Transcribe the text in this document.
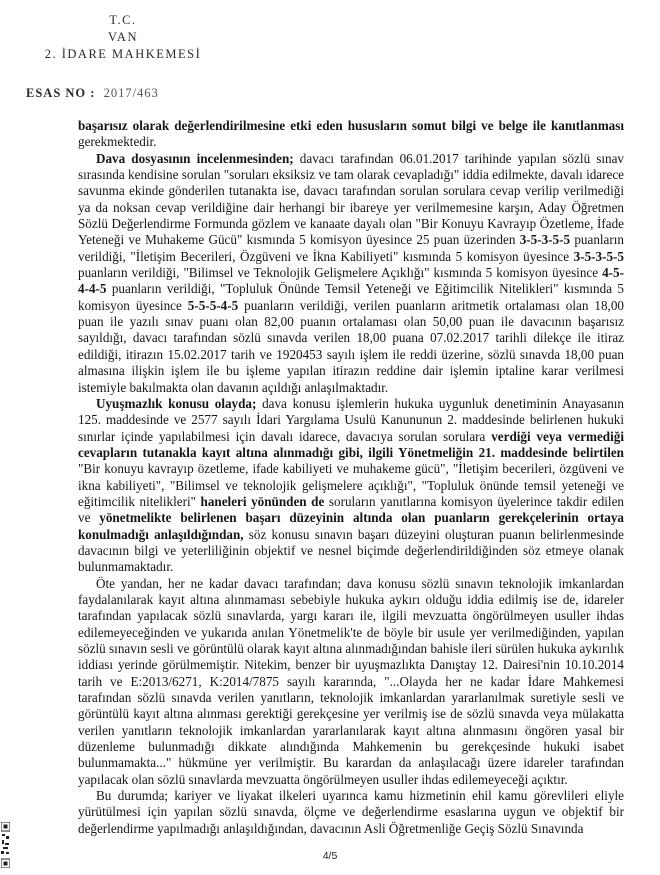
T.C.
VAN
2. İDARE MAHKEMESİ
ESAS NO : 2017/463

başarısız olarak değerlendirilmesine etki eden hususların somut bilgi ve belge ile kanıtlanması gerekmektedir.

Dava dosyasının incelenmesinden; davacı tarafından 06.01.2017 tarihinde yapılan sözlü sınav sırasında kendisine sorulan "soruları eksiksiz ve tam olarak cevapladığı" iddia edilmekte, davalı idarece savunma ekinde gönderilen tutanakta ise, davacı tarafından sorulan sorulara cevap verilip verilmediği ya da noksan cevap verildiğine dair herhangi bir ibareye yer verilmemesine karşın, Aday Öğretmen Sözlü Değerlendirme Formunda gözlem ve kanaate dayalı olan "Bir Konuyu Kavrayıp Özetleme, İfade Yeteneği ve Muhakeme Gücü" kısmında 5 komisyon üyesince 25 puan üzerinden 3-5-3-5-5 puanların verildiği, "İletişim Becerileri, Özgüveni ve İkna Kabiliyeti" kısmında 5 komisyon üyesince 3-5-3-5-5 puanların verildiği, "Bilimsel ve Teknolojik Gelişmelere Açıklığı" kısmında 5 komisyon üyesince 4-5-4-4-5 puanların verildiği, "Topluluk Önünde Temsil Yeteneği ve Eğitimcilik Nitelikleri" kısmında 5 komisyon üyesince 5-5-5-4-5 puanların verildiği, verilen puanların aritmetik ortalaması olan 18,00 puan ile yazılı sınav puanı olan 82,00 puanın ortalaması olan 50,00 puan ile davacının başarısız sayıldığı, davacı tarafından sözlü sınavda verilen 18,00 puana 07.02.2017 tarihli dilekçe ile itiraz edildiği, itirazın 15.02.2017 tarih ve 1920453 sayılı işlem ile reddi üzerine, sözlü sınavda 18,00 puan almasına ilişkin işlem ile bu işleme yapılan itirazın reddine dair işlemin iptaline karar verilmesi istemiyle bakılmakta olan davanın açıldığı anlaşılmaktadır.

Uyuşmazlık konusu olayda; dava konusu işlemlerin hukuka uygunluk denetiminin Anayasanın 125. maddesinde ve 2577 sayılı İdari Yargılama Usulü Kanununun 2. maddesinde belirlenen hukuki sınırlar içinde yapılabilmesi için davalı idarece, davacıya sorulan sorulara verdiği veya vermediği cevapların tutanakla kayıt altına alınmadığı gibi, ilgili Yönetmeliğin 21. maddesinde belirtilen "Bir konuyu kavrayıp özetleme, ifade kabiliyeti ve muhakeme gücü", "İletişim becerileri, özgüveni ve ikna kabiliyeti", "Bilimsel ve teknolojik gelişmelere açıklığı", "Topluluk önünde temsil yeteneği ve eğitimcilik nitelikleri" haneleri yönünden de soruların yanıtlarına komisyon üyelerince takdir edilen ve yönetmelikte belirlenen başarı düzeyinin altında olan puanların gerekçelerinin ortaya konulmadığı anlaşıldığından, söz konusu sınavın başarı düzeyini oluşturan puanın belirlenmesinde davacının bilgi ve yeterliliğinin objektif ve nesnel biçimde değerlendirildiğinden söz etmeye olanak bulunmamaktadır.

Öte yandan, her ne kadar davacı tarafından; dava konusu sözlü sınavın teknolojik imkanlardan faydalanılarak kayıt altına alınmaması sebebiyle hukuka aykırı olduğu iddia edilmiş ise de, idareler tarafından yapılacak sözlü sınavlarda, yargı kararı ile, ilgili mevzuatta öngörülmeyen usuller ihdas edilemeyeceğinden ve yukarıda anılan Yönetmelik'te de böyle bir usule yer verilmediğinden, yapılan sözlü sınavın sesli ve görüntülü olarak kayıt altına alınmadığından bahisle ileri sürülen hukuka aykırılık iddiası yerinde görülmemiştir. Nitekim, benzer bir uyuşmazlıkta Danıştay 12. Dairesi'nin 10.10.2014 tarih ve E:2013/6271, K:2014/7875 sayılı kararında, "...Olayda her ne kadar İdare Mahkemesi tarafından sözlü sınavda verilen yanıtların, teknolojik imkanlardan yararlanılmak suretiyle sesli ve görüntülü kayıt altına alınması gerektiği gerekçesine yer verilmiş ise de sözlü sınavda veya mülakatta verilen yanıtların teknolojik imkanlardan yararlanılarak kayıt altına alınmasını öngören yasal bir düzenleme bulunmadığı dikkate alındığında Mahkemenin bu gerekçesinde hukuki isabet bulunmamakta..." hükmüne yer verilmiştir. Bu karardan da anlaşılacağı üzere idareler tarafından yapılacak olan sözlü sınavlarda mevzuatta öngörülmeyen usuller ihdas edilemeyeceği açıktır.

Bu durumda; kariyer ve liyakat ilkeleri uyarınca kamu hizmetinin ehil kamu görevlileri eliyle yürütülmesi için yapılan sözlü sınavda, ölçme ve değerlendirme esaslarına uygun ve objektif bir değerlendirme yapılmadığı anlaşıldığından, davacının Asli Öğretmenliğe Geçiş Sözlü Sınavında

4/5
